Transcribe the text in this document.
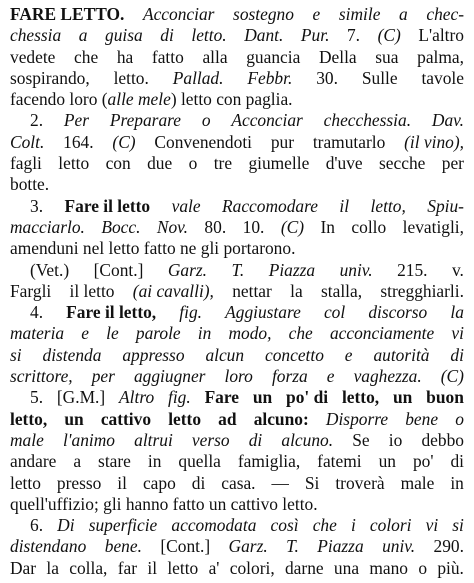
FARE LETTO. Acconciar sostegno e simile a chec-
chessia a guisa di letto. Dant. Pur. 7. (C) L'altro
vedete che ha fatto alla guancia Della sua palma,
sospirando, letto. Pallad. Febbr. 30. Sulle tavole
facendo loro (alle mele) letto con paglia.
2. Per Preparare o Acconciar checchessia. Dav.
Colt. 164. (C) Convenendoti pur tramutarlo (il vino),
fagli letto con due o tre giumelle d'uve secche per
botte.
3. Fare il letto vale Raccomodare il letto, Spiu-
macciarlo. Bocc. Nov. 80. 10. (C) In collo levatigli,
amenduni nel letto fatto ne gli portarono.
(Vet.) [Cont.] Garz. T. Piazza univ. 215. v.
Fargli il letto (ai cavalli), nettar la stalla, stregghiarli.
4. Fare il letto, fig. Aggiustare col discorso la
materia e le parole in modo, che acconciamente vi
si distenda appresso alcun concetto e autorità di
scrittore, per aggiugner loro forza e vaghezza. (C)
5. [G.M.] Altro fig. Fare un po' di letto, un buon
letto, un cattivo letto ad alcuno: Disporre bene o
male l'animo altrui verso di alcuno. Se io debbo
andare a stare in quella famiglia, fatemi un po' di
letto presso il capo di casa. — Si troverà male in
quell'uffizio; gli hanno fatto un cattivo letto.
6. Di superficie accomodata così che i colori vi si
distendano bene. [Cont.] Garz. T. Piazza univ. 290.
Dar la colla, far il letto a' colori, darne una mano o più.
